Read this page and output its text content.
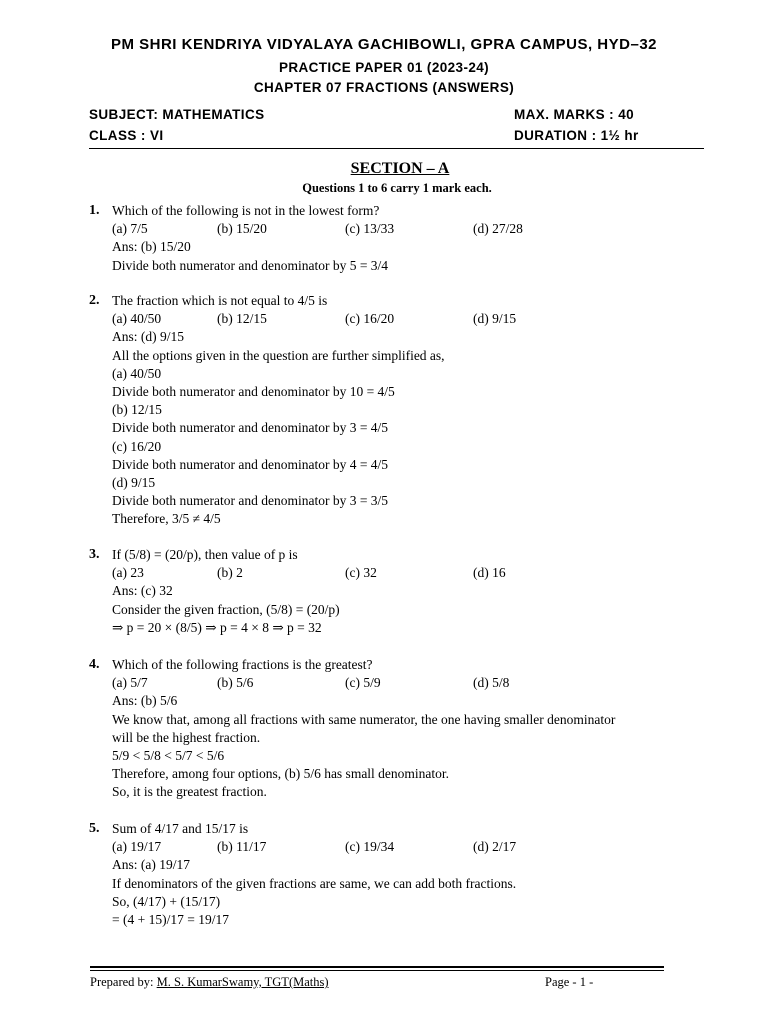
PM SHRI KENDRIYA VIDYALAYA GACHIBOWLI, GPRA CAMPUS, HYD–32
PRACTICE PAPER 01 (2023-24)
CHAPTER 07 FRACTIONS (ANSWERS)
SUBJECT: MATHEMATICS	MAX. MARKS : 40
CLASS : VI	DURATION : 1½ hr
SECTION – A
Questions 1 to 6 carry 1 mark each.
1. Which of the following is not in the lowest form?
(a) 7/5	(b) 15/20	(c) 13/33	(d) 27/28
Ans: (b) 15/20
Divide both numerator and denominator by 5 = 3/4
2. The fraction which is not equal to 4/5 is
(a) 40/50	(b) 12/15	(c) 16/20	(d) 9/15
Ans: (d) 9/15
All the options given in the question are further simplified as,
(a) 40/50
Divide both numerator and denominator by 10 = 4/5
(b) 12/15
Divide both numerator and denominator by 3 = 4/5
(c) 16/20
Divide both numerator and denominator by 4 = 4/5
(d) 9/15
Divide both numerator and denominator by 3 = 3/5
Therefore, 3/5 ≠ 4/5
3. If (5/8) = (20/p), then value of p is
(a) 23	(b) 2	(c) 32	(d) 16
Ans: (c) 32
Consider the given fraction, (5/8) = (20/p)
⇒ p = 20 × (8/5) ⇒ p = 4 × 8 ⇒ p = 32
4. Which of the following fractions is the greatest?
(a) 5/7	(b) 5/6	(c) 5/9	(d) 5/8
Ans: (b) 5/6
We know that, among all fractions with same numerator, the one having smaller denominator
will be the highest fraction.
5/9 < 5/8 < 5/7 < 5/6
Therefore, among four options, (b) 5/6 has small denominator.
So, it is the greatest fraction.
5. Sum of 4/17 and 15/17 is
(a) 19/17	(b) 11/17	(c) 19/34	(d) 2/17
Ans: (a) 19/17
If denominators of the given fractions are same, we can add both fractions.
So, (4/17) + (15/17)
= (4 + 15)/17 = 19/17
Prepared by: M. S. KumarSwamy, TGT(Maths)	Page - 1 -
